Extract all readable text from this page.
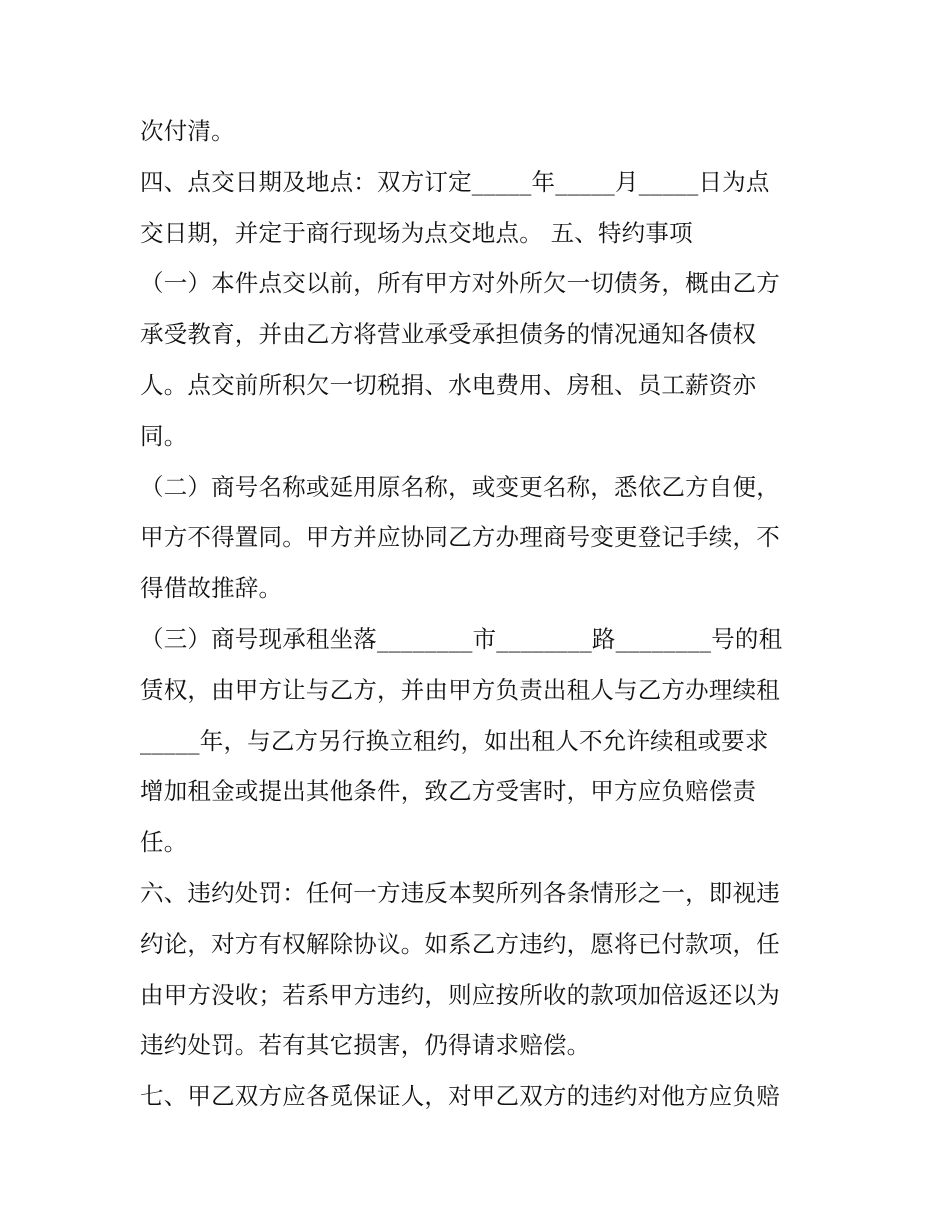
次付清。
四、点交日期及地点：双方订定_____年_____月_____日为点
交日期，并定于商行现场为点交地点。 五、特约事项
（一）本件点交以前，所有甲方对外所欠一切债务，概由乙方
承受教育，并由乙方将营业承受承担债务的情况通知各债权
人。点交前所积欠一切税捐、水电费用、房租、员工薪资亦
同。
（二）商号名称或延用原名称，或变更名称，悉依乙方自便，
甲方不得置同。甲方并应协同乙方办理商号变更登记手续，不
得借故推辞。
（三）商号现承租坐落________市________路________号的租
赁权，由甲方让与乙方，并由甲方负责出租人与乙方办理续租
_____年，与乙方另行换立租约，如出租人不允许续租或要求
增加租金或提出其他条件，致乙方受害时，甲方应负赔偿责
任。
六、违约处罚：任何一方违反本契所列各条情形之一，即视违
约论，对方有权解除协议。如系乙方违约，愿将已付款项，任
由甲方没收；若系甲方违约，则应按所收的款项加倍返还以为
违约处罚。若有其它损害，仍得请求赔偿。
七、甲乙双方应各觅保证人，对甲乙双方的违约对他方应负赔
